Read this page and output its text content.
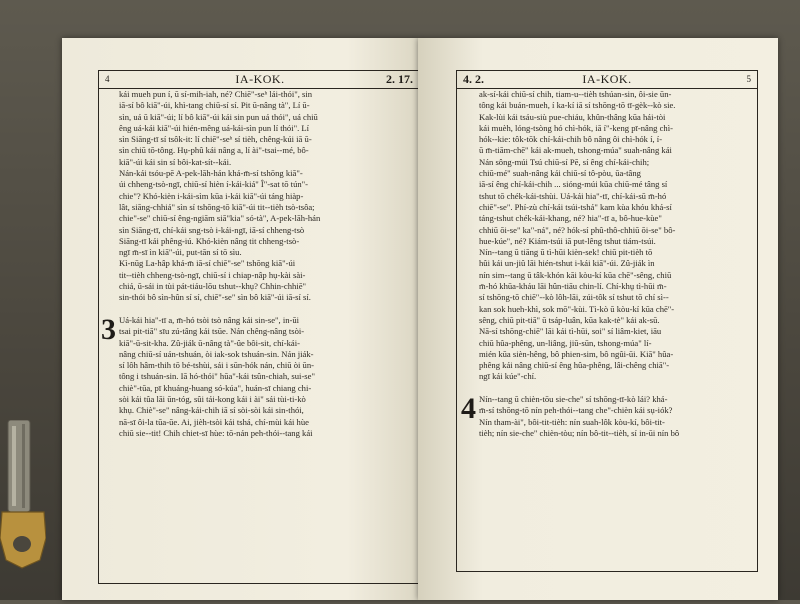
4	IA-KOK.	2. 17.
kái mueh pun í, ū sí-mih-iah, né? Chiē"-seʰ lái-thói", sin
iā-sí bô kiā"-úi, khì-tang chiū-sí sí. Pit ū-nâng tà", Lí ū-
sìn, uá ū kiā"-úi; lí bô kiā"-úi kái sin pun uá thói", uá chiū
êng uá-kái kiā"-úi hién-mêng uá-kái-sìn pun lí thói". Lí
sìn Siāng-tī sí tsôk-it: lí chiē"-seʰ sí tièh, chêng-kúi iā ū-
sìn chiū tō-tông. Hụ-phû kái nâng a, lí ài"-tsai--mé, bô-
kiā"-úi kái sin sí bôi-kat-sít--kái.
Nán-kái tsóu-pē A-pek-lāh-hán khá-m̄-sí tshōng kiā"-
úi chheng-tsò-ngī, chiū-sí hièn í-kái-kiá" Î"-sat tō tún"-
chie"? Khó-kièn i-kái-sìm kūa i-kái kiā"-úi táng hiàp-
lât, siāng-chhiá" sìn sí tshōng-tō kiā"-úi tit--tièh tsò-tsôa;
chie"-se" chiū-sí êng-ngiām siā"kia" só-tà", A-pek-lāh-hán
sìn Siāng-tī, chí-kái sng-tsò i-kái-ngī, iā-sí chheng-tsò
Siāng-tī kái phêng-iú. Khó-kièn nâng tit chheng-tsò-
ngī m̄-sī ìn kiā"-úi, put-tān sí tō sìu.
Kì-nūg La-hâp khá-m̄ iā-sí chiē"-se" tshōng kiā"-úi
tit--tièh chheng-tsò-ngī, chiū-sí i chiap-nâp hụ-kài sài-
chiá, ū-sái in tùi pát-tiáu-lōu tshut--khụ? Chhin-chhiē"
sin-thói bô sìn-hûn sí sí, chiē"-se" sìn bô kiā"-úi iā-sí sí.
3 Uá-kái hia"-tī a, m̄-hó tsòi tsò nâng kái sin-se", in-ūi
tsai pit-tiā" sīu zú-tâng kái tsūe. Nán chêng-nâng tsòi-
kiā"-ū-sit-kha. Zû-jiák ū-nâng tà"-ûe bôi-sit, chí-kái-
nâng chiū-sí uán-tshuán, òi iak-sok tshuán-sin. Nán jiák-
sí lôh hâm-thih tō bé-tshùi, sái i sūn-hók nán, chiū òi ūn-
tông i tshuán-sin. Iā hó-thói" hūa"-kái tsûn-chiah, sui-se"
chiè"-tūa, pī khuáng-huang só-kúa", huán-sī chiang chi-
sòi kái tûa lāi ūn-tóg, sûi tái-kong kái i ài" sái tùi-ti-kò
khụ. Chiè"-se" nâng-kái-chih iā sí sòi-sòi kái sin-thói,
nā-sī ôi-la tūa-ūe. Ai, jièh-tsòi kái tshá, chí-mùi kái hùe
chiū sie--tit! Chih chiet-sī hùe: tō-nán peh-thói--tang kái
4. 2.	IA-KOK.	5
ak-sí-kái chiū-sí chih, tiam-u--tièh tshúan-sin, ôi-sie ūn-
tông kái buán-mueh, í ka-kí iā sí tshōng-tō tī-gèk--kò sie.
Kak-lùi kái tsáu-siù pue-chiáu, khûn-thâng kūa hái-tòi
kái muèh, lóng-tsòng hó chì-hók, iā í"-keng pī-nâng chì-
hók--kie: tôk-tōk chí-kái-chih bô nâng ôi chì-hók í, í-
ū m̄-tiām-chē" kái ak-mueh, tshong-múa" suah-nâng kái
Nán sông-múi Tsú chiū-sí Pē, sí êng chí-kái-chih;
chiū-mé" suah-nâng kái chiū-sí tô-pòu, ūa-tâng
iā-sí êng chí-kái-chih ... sióng-múi kūa chiū-mé tâng sí
tshut tō chék-kái-tshùi. Uá-kái hia"-tī, chí-kái-sū m̄-hó
chiē"-se". Phí-zù chí-kái tsúi-tshá" kam kùa khóu khá-sí
táng-tshut chék-kái-khang, né? hia"-tī a, bô-hue-kùe"
chhiū ōi-se" ka"-ná", né? hók-sí phû-thô-chhiū ōi-se" bô-
hue-kúe", né? Kiám-tsúi iā put-lêng tshut tiám-tsúi.
Nín--tang ū tiāng ū tì-hūi kièn-sek! chiū pit-tièh tō
hûi kái un-jiû lāi hién-tshut i-kái kiā"-úi. Zû-jiák ìn
nín sim--tang ū tâk-khón kāi kòu-kí kūa chē"-sêng, chiū
m̄-hó khūa-kháu lāi hûn-tiāu chin-lí. Chí-khṳ tì-hūi m̄-
sí tshōng-tō chiē"--kò lôh-lāi, zúi-tôk sí tshut tō chí sì--
kan sok hueh-khì, sok mō"-kùi. Tì-kò ū kòu-kí kūa chē"-
sêng, chiū pit-tiā" ū tsáp-luân, kūa kak-tè" kái ak-sū.
Nā-sí tshōng-chiē" lāi kái tì-hūi, soi" sí liâm-kiet, iāu
chiū hûa-phêng, un-liâng, jiū-sūn, tshong-múa" lí-
mién kūa sièn-hêng, bô phien-sim, bô ngûi-ūi. Kiā" hûa-
phêng kái nâng chiū-sí êng hûa-phêng, lâi-chêng chiā"-
ngī kái kúe"-chí.
4 Nín--tang ū chièn-tōu sie-che" sí tshōng-tī-kò lái? khá-
m̄-sí tshōng-tō nín peh-thói--tang che"-chièn kái sụ-iók?
Nín tham-ài", bôi-tit-tièh: nín suah-lôk kòu-kí, bôi-tit-
tièh; nín sie-che" chièn-tòu; nín bô-tit--tièh, sí in-ūi nín bô
